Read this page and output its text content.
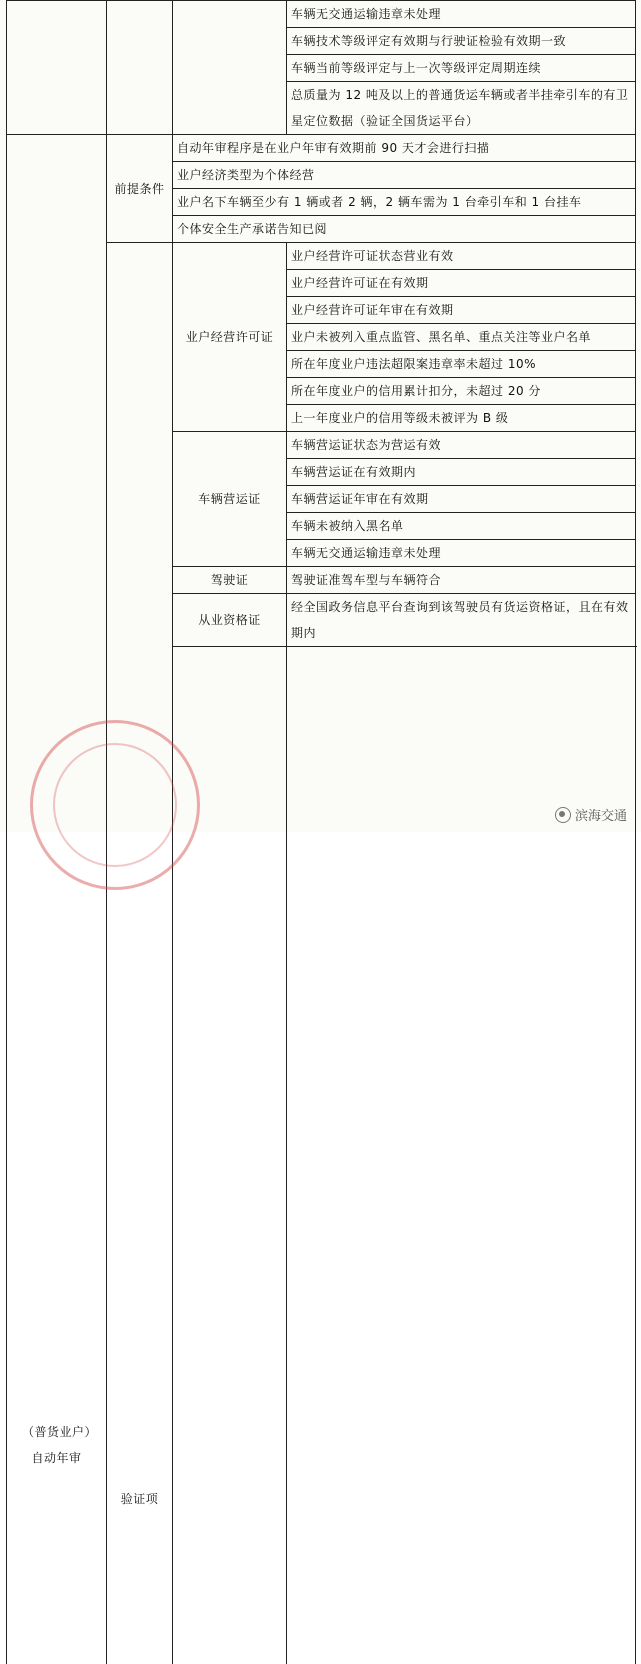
			车辆无交通运输违章未处理	
			车辆技术等级评定有效期与行驶证检验有效期一致	
			车辆当前等级评定与上一次等级评定周期连续	
			总质量为 12 吨及以上的普通货运车辆或者半挂牵引车的有卫星定位数据（验证全国货运平台）	

（普货业户）自动年审	前提条件	自动年审程序是在业户年审有效期前 90 天才会进行扫描		
		业户经济类型为个体经营		
		业户名下车辆至少有 1 辆或者 2 辆，2 辆车需为 1 台牵引车和 1 台挂车		
		个体安全生产承诺告知已阅		
	验证项	业户经营许可证	业户经营许可证状态营业有效	
			业户经营许可证在有效期	
			业户经营许可证年审在有效期	
			业户未被列入重点监管、黑名单、重点关注等业户名单	
			所在年度业户违法超限案违章率未超过 10%	
			所在年度业户的信用累计扣分，未超过 20 分	
			上一年度业户的信用等级未被评为 B 级	
		车辆营运证	车辆营运证状态为营运有效	
			车辆营运证在有效期内	
			车辆营运证年审在有效期	
			车辆未被纳入黑名单	
			车辆无交通运输违章未处理	
		驾驶证	驾驶证准驾车型与车辆符合	
		从业资格证	经全国政务信息平台查询到该驾驶员有货运资格证，且在有效期内	

滨海交通
